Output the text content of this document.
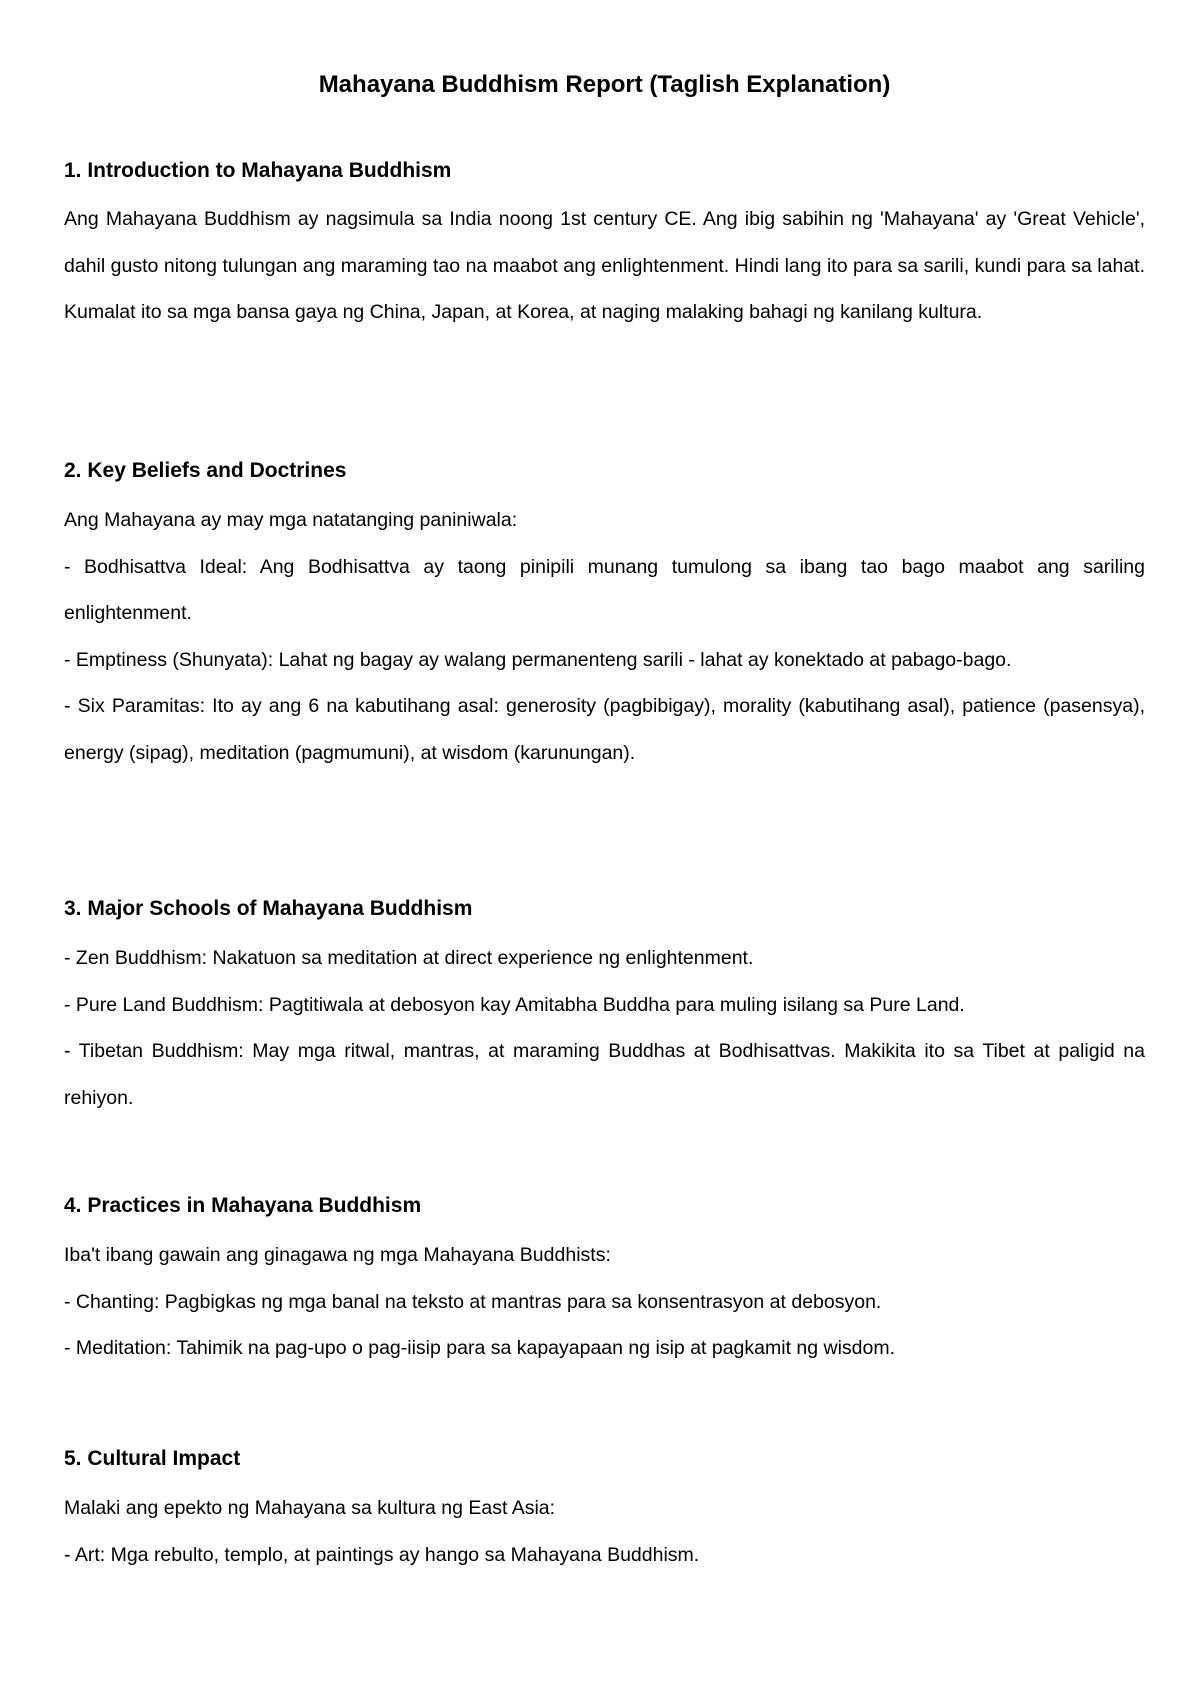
Mahayana Buddhism Report (Taglish Explanation)
1. Introduction to Mahayana Buddhism

Ang Mahayana Buddhism ay nagsimula sa India noong 1st century CE. Ang ibig sabihin ng 'Mahayana' ay 'Great Vehicle', dahil gusto nitong tulungan ang maraming tao na maabot ang enlightenment. Hindi lang ito para sa sarili, kundi para sa lahat. Kumalat ito sa mga bansa gaya ng China, Japan, at Korea, at naging malaking bahagi ng kanilang kultura.

2. Key Beliefs and Doctrines

Ang Mahayana ay may mga natatanging paniniwala:

- Bodhisattva Ideal: Ang Bodhisattva ay taong pinipili munang tumulong sa ibang tao bago maabot ang sariling enlightenment.

- Emptiness (Shunyata): Lahat ng bagay ay walang permanenteng sarili - lahat ay konektado at pabago-bago.

- Six Paramitas: Ito ay ang 6 na kabutihang asal: generosity (pagbibigay), morality (kabutihang asal), patience (pasensya), energy (sipag), meditation (pagmumuni), at wisdom (karunungan).

3. Major Schools of Mahayana Buddhism

- Zen Buddhism: Nakatuon sa meditation at direct experience ng enlightenment.

- Pure Land Buddhism: Pagtitiwala at debosyon kay Amitabha Buddha para muling isilang sa Pure Land.

- Tibetan Buddhism: May mga ritwal, mantras, at maraming Buddhas at Bodhisattvas. Makikita ito sa Tibet at paligid na rehiyon.

4. Practices in Mahayana Buddhism

Iba't ibang gawain ang ginagawa ng mga Mahayana Buddhists:

- Chanting: Pagbigkas ng mga banal na teksto at mantras para sa konsentrasyon at debosyon.

- Meditation: Tahimik na pag-upo o pag-iisip para sa kapayapaan ng isip at pagkamit ng wisdom.

5. Cultural Impact

Malaki ang epekto ng Mahayana sa kultura ng East Asia:

- Art: Mga rebulto, templo, at paintings ay hango sa Mahayana Buddhism.
